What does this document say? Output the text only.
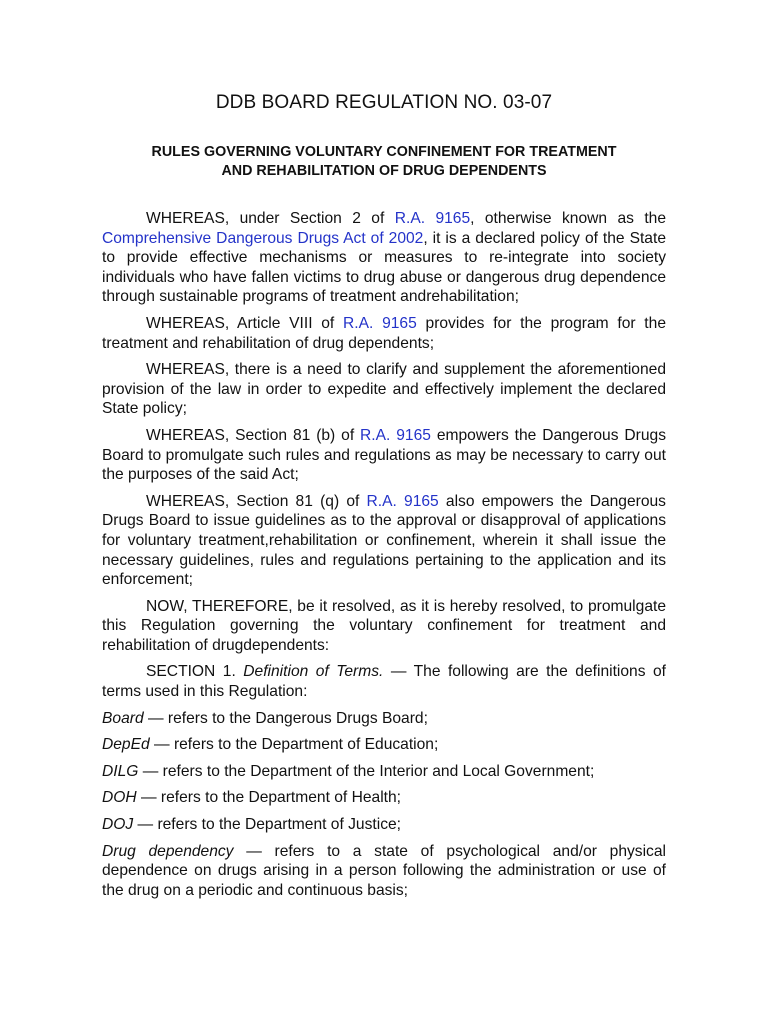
DDB BOARD REGULATION NO. 03-07
RULES GOVERNING VOLUNTARY CONFINEMENT FOR TREATMENT
AND REHABILITATION OF DRUG DEPENDENTS

WHEREAS, under Section 2 of R.A. 9165, otherwise known as the Comprehensive Dangerous Drugs Act of 2002, it is a declared policy of the State to provide effective mechanisms or measures to re-integrate into society individuals who have fallen victims to drug abuse or dangerous drug dependence through sustainable programs of treatment andrehabilitation;

WHEREAS, Article VIII of R.A. 9165 provides for the program for the treatment and rehabilitation of drug dependents;

WHEREAS, there is a need to clarify and supplement the aforementioned provision of the law in order to expedite and effectively implement the declared State policy;

WHEREAS, Section 81 (b) of R.A. 9165 empowers the Dangerous Drugs Board to promulgate such rules and regulations as may be necessary to carry out the purposes of the said Act;

WHEREAS, Section 81 (q) of R.A. 9165 also empowers the Dangerous Drugs Board to issue guidelines as to the approval or disapproval of applications for voluntary treatment,rehabilitation or confinement, wherein it shall issue the necessary guidelines, rules and regulations pertaining to the application and its enforcement;

NOW, THEREFORE, be it resolved, as it is hereby resolved, to promulgate this Regulation governing the voluntary confinement for treatment and rehabilitation of drugdependents:

SECTION 1. Definition of Terms. — The following are the definitions of terms used in this Regulation:

Board — refers to the Dangerous Drugs Board;

DepEd — refers to the Department of Education;

DILG — refers to the Department of the Interior and Local Government;

DOH — refers to the Department of Health;

DOJ — refers to the Department of Justice;

Drug dependency — refers to a state of psychological and/or physical dependence on drugs arising in a person following the administration or use of the drug on a periodic and continuous basis;
